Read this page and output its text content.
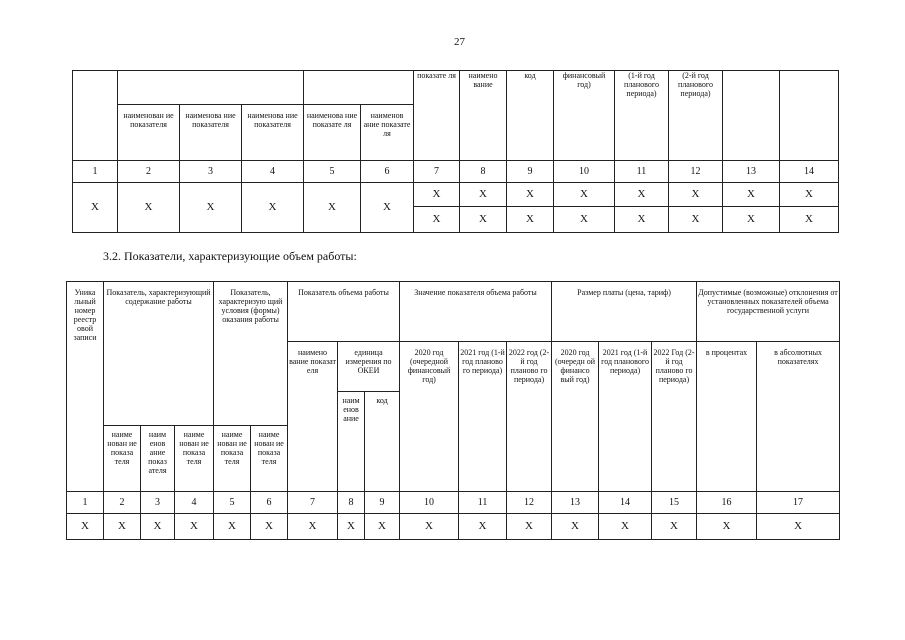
27
						показате ля	наимено вание	код	финансовый год)	(1-й год планового периода)	(2-й год планового периода)		
	наименован ие показателя	наименова ние показателя	наименова ние показателя	наименова ние показате ля	наименов ание показате ля								
1	2	3	4	5	6	7	8	9	10	11	12	13	14
Х	Х	Х	Х	Х	Х	Х	Х	Х	Х	Х	Х	Х	Х
						Х	Х	Х	Х	Х	Х	Х	Х
3.2. Показатели, характеризующие объем работы:
Уника льный номер реестр овой записи	Показатель, характеризующий содержание работы			Показатель, характеризую щий условия (формы) оказания работы		Показатель объема работы			Значение показателя объема работы			Размер платы (цена, тариф)			Допустимые (возможные) отклонения от установленных показателей объема государственной услуги	
						наимено вание показат еля	единица измерения по ОКЕИ		2020 год (очередной финансовый год)	2021 год (1-й год планово го периода)	2022 год (2-й год планово го периода)	2020 год (очередн ой финансо вый год)	2021 год (1-й год планового периода)	2022 Год (2-й год планово го периода)	в процентах	в абсолютных показателях
							наим енов ание	код								
	наиме нован ие показа теля	наим енов ание показ ателя	наиме нован ие показа теля	наиме нован ие показа теля	наиме нован ие показа теля											
1	2	3	4	5	6	7	8	9	10	11	12	13	14	15	16	17
Х	Х	Х	Х	Х	Х	Х	Х	Х	Х	Х	Х	Х	Х	Х	Х	Х
